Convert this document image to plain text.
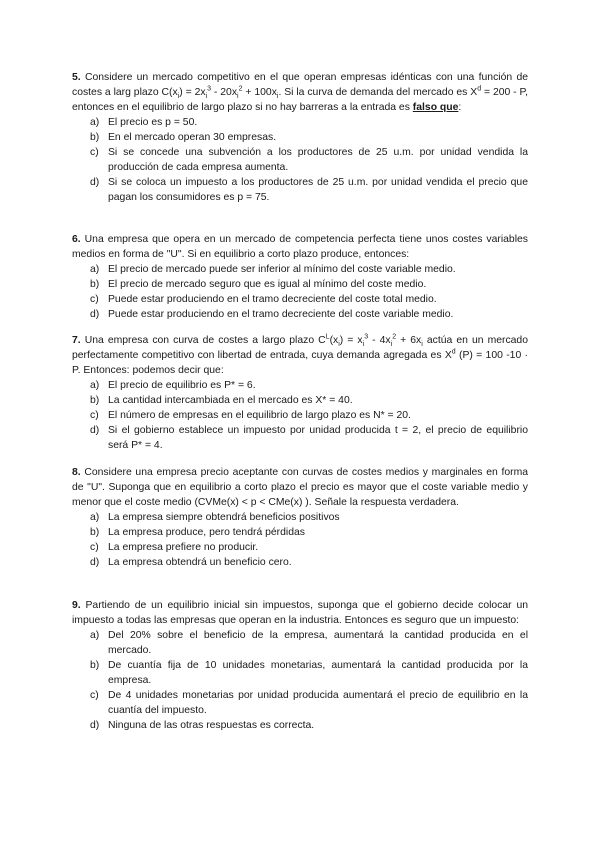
5. Considere un mercado competitivo en el que operan empresas idénticas con una función de costes a larg plazo $C(x_i) = 2x_i^3 - 20x_i^2 + 100x_i$. Si la curva de demanda del mercado es $X^d = 200 - P$, entonces en el equilibrio de largo plazo si no hay barreras a la entrada es falso que:

a) El precio es p = 50.
b) En el mercado operan 30 empresas.
c) Si se concede una subvención a los productores de 25 u.m. por unidad vendida la producción de cada empresa aumenta.
d) Si se coloca un impuesto a los productores de 25 u.m. por unidad vendida el precio que pagan los consumidores es p = 75.

6. Una empresa que opera en un mercado de competencia perfecta tiene unos costes variables medios en forma de "U". Si en equilibrio a corto plazo produce, entonces:

a) El precio de mercado puede ser inferior al mínimo del coste variable medio.
b) El precio de mercado seguro que es igual al mínimo del coste medio.
c) Puede estar produciendo en el tramo decreciente del coste total medio.
d) Puede estar produciendo en el tramo decreciente del coste variable medio.

7. Una empresa con curva de costes a largo plazo $C^L(x_i) = x_i^3 - 4x_i^2 + 6x_i$ actúa en un mercado perfectamente competitivo con libertad de entrada, cuya demanda agregada es $X^d$ (P) = 100 -10 · P. Entonces: podemos decir que:

a) El precio de equilibrio es P* = 6.
b) La cantidad intercambiada en el mercado es X* = 40.
c) El número de empresas en el equilibrio de largo plazo es N* = 20.
d) Si el gobierno establece un impuesto por unidad producida t = 2, el precio de equilibrio será P* = 4.

8. Considere una empresa precio aceptante con curvas de costes medios y marginales en forma de "U". Suponga que en equilibrio a corto plazo el precio es mayor que el coste variable medio y menor que el coste medio (CVMe(x) < p < CMe(x) ). Señale la respuesta verdadera.

a) La empresa siempre obtendrá beneficios positivos
b) La empresa produce, pero tendrá pérdidas
c) La empresa prefiere no producir.
d) La empresa obtendrá un beneficio cero.

9. Partiendo de un equilibrio inicial sin impuestos, suponga que el gobierno decide colocar un impuesto a todas las empresas que operan en la industria. Entonces es seguro que un impuesto:

a) Del 20% sobre el beneficio de la empresa, aumentará la cantidad producida en el mercado.
b) De cuantía fija de 10 unidades monetarias, aumentará la cantidad producida por la empresa.
c) De 4 unidades monetarias por unidad producida aumentará el precio de equilibrio en la cuantía del impuesto.
d) Ninguna de las otras respuestas es correcta.
